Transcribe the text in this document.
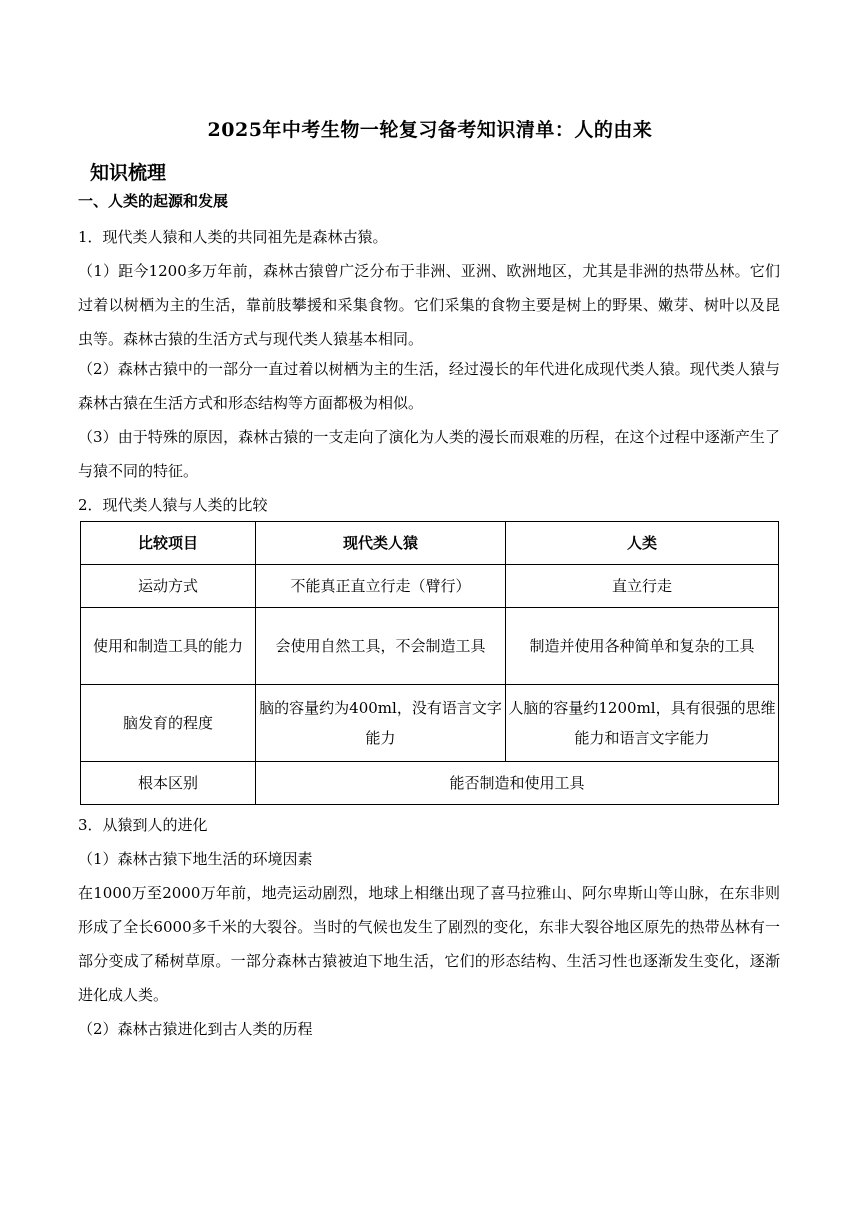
2025年中考生物一轮复习备考知识清单：人的由来
知识梳理
一、人类的起源和发展
1．现代类人猿和人类的共同祖先是森林古猿。
（1）距今1200多万年前，森林古猿曾广泛分布于非洲、亚洲、欧洲地区，尤其是非洲的热带丛林。它们过着以树栖为主的生活，靠前肢攀援和采集食物。它们采集的食物主要是树上的野果、嫩芽、树叶以及昆虫等。森林古猿的生活方式与现代类人猿基本相同。
（2）森林古猿中的一部分一直过着以树栖为主的生活，经过漫长的年代进化成现代类人猿。现代类人猿与森林古猿在生活方式和形态结构等方面都极为相似。
（3）由于特殊的原因，森林古猿的一支走向了演化为人类的漫长而艰难的历程，在这个过程中逐渐产生了与猿不同的特征。
2．现代类人猿与人类的比较
比较项目	现代类人猿	人类
运动方式	不能真正直立行走（臂行）	直立行走
使用和制造工具的能力	会使用自然工具，不会制造工具	制造并使用各种简单和复杂的工具
脑发育的程度	脑的容量约为400ml，没有语言文字能力	人脑的容量约1200ml，具有很强的思维能力和语言文字能力
根本区别	能否制造和使用工具	
3．从猿到人的进化
（1）森林古猿下地生活的环境因素
在1000万至2000万年前，地壳运动剧烈，地球上相继出现了喜马拉雅山、阿尔卑斯山等山脉，在东非则形成了全长6000多千米的大裂谷。当时的气候也发生了剧烈的变化，东非大裂谷地区原先的热带丛林有一部分变成了稀树草原。一部分森林古猿被迫下地生活，它们的形态结构、生活习性也逐渐发生变化，逐渐进化成人类。
（2）森林古猿进化到古人类的历程
